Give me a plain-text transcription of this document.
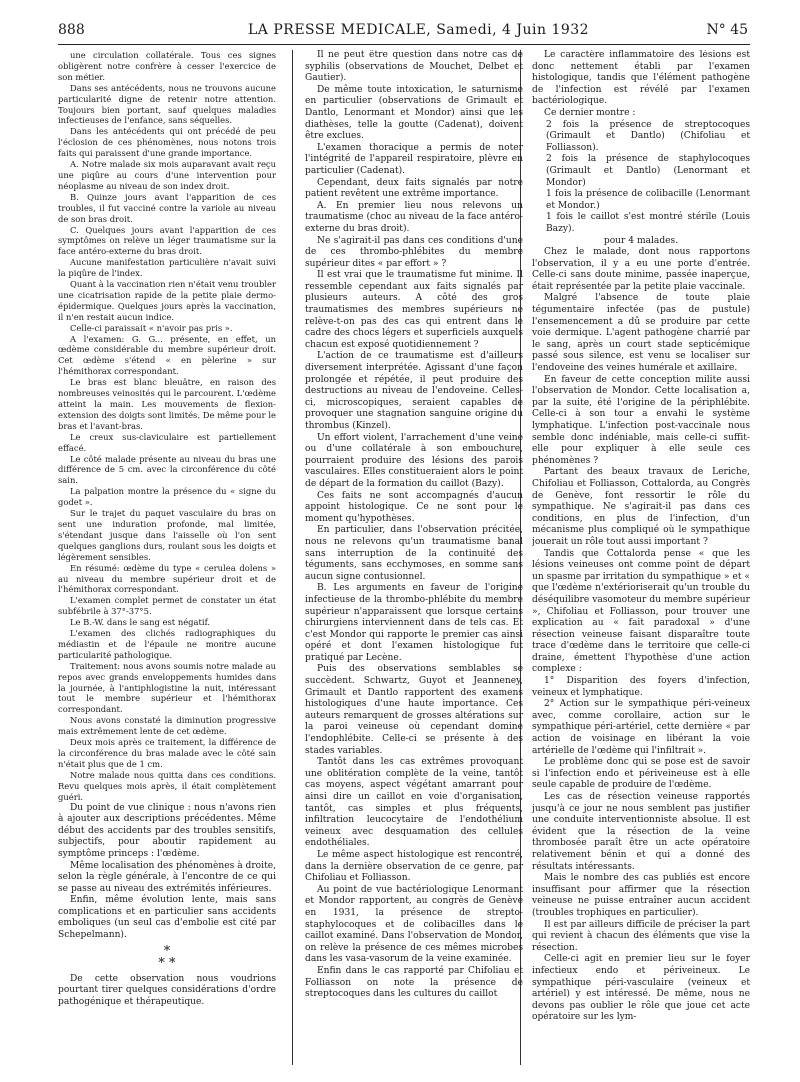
888	LA PRESSE MEDICALE, Samedi, 4 Juin 1932	N° 45

une circulation collatérale. Tous ces signes obligèrent notre confrère à cesser l'exercice de son métier.

Dans ses antécédents, nous ne trouvons aucune particularité digne de retenir notre attention. Toujours bien portant, sauf quelques maladies infectieuses de l'enfance, sans séquelles.

Dans les antécédents qui ont précédé de peu l'éclosion de ces phénomènes, nous notons trois faits qui paraissent d'une grande importance.

A. Notre malade six mois auparavant avait reçu une piqûre au cours d'une intervention pour néoplasme au niveau de son index droit.

B. Quinze jours avant l'apparition de ces troubles, il fut vacciné contre la variole au niveau de son bras droit.

C. Quelques jours avant l'apparition de ces symptômes on relève un léger traumatisme sur la face antéro-externe du bras droit.

Aucune manifestation particulière n'avait suivi la piqûre de l'index.

Quant à la vaccination rien n'était venu troubler une cicatrisation rapide de la petite plaie dermo-épidermique. Quelques jours après la vaccination, il n'en restait aucun indice.

Celle-ci paraissait « n'avoir pas pris ».

A l'examen: G. G... présente, en effet, un œdème considérable du membre supérieur droit. Cet œdème s'étend « en pèlerine » sur l'hémithorax correspondant.

Le bras est blanc bleuâtre, en raison des nombreuses veinosités qui le parcourent. L'œdème atteint la main. Les mouvements de flexion-extension des doigts sont limités. De même pour le bras et l'avant-bras.

Le creux sus-claviculaire est partiellement effacé.

Le côté malade présente au niveau du bras une différence de 5 cm. avec la circonférence du côté sain.

La palpation montre la présence du « signe du godet ».

Sur le trajet du paquet vasculaire du bras on sent une induration profonde, mal limitée, s'étendant jusque dans l'aisselle où l'on sent quelques ganglions durs, roulant sous les doigts et légèrement sensibles.

En résumé: œdème du type « cerulea dolens » au niveau du membre supérieur droit et de l'hémithorax correspondant.

L'examen complet permet de constater un état subfébrile à 37°-37°5.

Le B.-W. dans le sang est négatif.

L'examen des clichés radiographiques du médiastin et de l'épaule ne montre aucune particularité pathologique.

Traitement: nous avons soumis notre malade au repos avec grands enveloppements humides dans la journée, à l'antiphlogistine la nuit, intéressant tout le membre supérieur et l'hémithorax correspondant.

Nous avons constaté la diminution progressive mais extrêmement lente de cet œdème.

Deux mois après ce traitement, la différence de la circonférence du bras malade avec le côté sain n'était plus que de 1 cm.

Notre malade nous quitta dans ces conditions. Revu quelques mois après, il était complètement guéri.

Du point de vue clinique : nous n'avons rien à ajouter aux descriptions précédentes. Même début des accidents par des troubles sensitifs, subjectifs, pour aboutir rapidement au symptôme princeps : l'œdème.

Même localisation des phénomènes à droite, selon la règle générale, à l'encontre de ce qui se passe au niveau des extrémités inférieures.

Enfin, même évolution lente, mais sans complications et en particulier sans accidents emboliques (un seul cas d'embolie est cité par Schepelmann).

*
* *

De cette observation nous voudrions pourtant tirer quelques considérations d'ordre pathogénique et thérapeutique.

Il ne peut être question dans notre cas de syphilis (observations de Mouchet, Delbet et Gautier).

De même toute intoxication, le saturnisme en particulier (observations de Grimault et Dantlo, Lenormant et Mondor) ainsi que les diathèses, telle la goutte (Cadenat), doivent être exclues.

L'examen thoracique a permis de noter l'intégrité de l'appareil respiratoire, plèvre en particulier (Cadenat).

Cependant, deux faits signalés par notre patient revêtent une extrême importance.

A. En premier lieu nous relevons un traumatisme (choc au niveau de la face antéro-externe du bras droit).

Ne s'agirait-il pas dans ces conditions d'une de ces thrombo-phlébites du membre supérieur dites « par effort » ?

Il est vrai que le traumatisme fut minime. Il ressemble cependant aux faits signalés par plusieurs auteurs. A côté des gros traumatismes des membres supérieurs ne relève-t-on pas des cas qui entrent dans le cadre des chocs légers et superficiels auxquels chacun est exposé quotidiennement ?

L'action de ce traumatisme est d'ailleurs diversement interprétée. Agissant d'une façon prolongée et répétée, il peut produire des destructions au niveau de l'endoveine. Celles-ci, microscopiques, seraient capables de provoquer une stagnation sanguine origine du thrombus (Kinzel).

Un effort violent, l'arrachement d'une veine ou d'une collatérale à son embouchure, pourraient produire des lésions des parois vasculaires. Elles constitueraient alors le point de départ de la formation du caillot (Bazy).

Ces faits ne sont accompagnés d'aucun appoint histologique. Ce ne sont pour le moment qu'hypothèses.

En particulier, dans l'observation précitée, nous ne relevons qu'un traumatisme banal sans interruption de la continuité des téguments, sans ecchymoses, en somme sans aucun signe contusionnel.

B. Les arguments en faveur de l'origine infectieuse de la thrombo-phlébite du membre supérieur n'apparaissent que lorsque certains chirurgiens interviennent dans de tels cas. Et c'est Mondor qui rapporte le premier cas ainsi opéré et dont l'examen histologique fut pratiqué par Lecène.

Puis des observations semblables se succèdent. Schwartz, Guyot et Jeanneney, Grimault et Dantlo rapportent des examens histologiques d'une haute importance. Ces auteurs remarquent de grosses altérations sur la paroi veineuse où cependant domine l'endophlébite. Celle-ci se présente à des stades variables.

Tantôt dans les cas extrêmes provoquant une oblitération complète de la veine, tantôt cas moyens, aspect végétant amarrant pour ainsi dire un caillot en voie d'organisation, tantôt, cas simples et plus fréquents, infiltration leucocytaire de l'endothélium veineux avec desquamation des cellules endothéliales.

Le même aspect histologique est rencontré, dans la dernière observation de ce genre, par Chifoliau et Folliasson.

Au point de vue bactériologique Lenormant et Mondor rapportent, au congrès de Genève en 1931, la présence de strepto-staphylocoques et de colibacilles dans le caillot examiné. Dans l'observation de Mondor, on relève la présence de ces mêmes microbes dans les vasa-vasorum de la veine examinée.

Enfin dans le cas rapporté par Chifoliau et Folliasson on note la présence de streptocoques dans les cultures du caillot

Le caractère inflammatoire des lésions est donc nettement établi par l'examen histologique, tandis que l'élément pathogène de l'infection est révélé par l'examen bactériologique.

Ce dernier montre :

2 fois la présence de streptocoques (Grimault et Dantlo) (Chifoliau et Folliasson).

2 fois la présence de staphylocoques (Grimault et Dantlo) (Lenormant et Mondor)

1 fois la présence de colibacille (Lenormant et Mondor.)

1 fois le caillot s'est montré stérile (Louis Bazy).

pour 4 malades.

Chez le malade, dont nous rapportons l'observation, il y a eu une porte d'entrée. Celle-ci sans doute minime, passée inaperçue, était représentée par la petite plaie vaccinale.

Malgré l'absence de toute plaie tégumentaire infectée (pas de pustule) l'ensemencement a dû se produire par cette voie dermique. L'agent pathogène charrié par le sang, après un court stade septicémique passé sous silence, est venu se localiser sur l'endoveine des veines humérale et axillaire.

En faveur de cette conception milite aussi l'observation de Mondor. Cette localisation a, par la suite, été l'origine de la périphlébite. Celle-ci à son tour a envahi le système lymphatique. L'infection post-vaccinale nous semble donc indéniable, mais celle-ci suffit-elle pour expliquer à elle seule ces phénomènes ?

Partant des beaux travaux de Leriche, Chifoliau et Folliasson, Cottalorda, au Congrès de Genève, font ressortir le rôle du sympathique. Ne s'agirait-il pas dans ces conditions, en plus de l'infection, d'un mécanisme plus compliqué où le sympathique jouerait un rôle tout aussi important ?

Tandis que Cottalorda pense « que les lésions veineuses ont comme point de départ un spasme par irritation du sympathique » et « que l'œdème n'extérioriserait qu'un trouble du déséquilibre vasomoteur du membre supérieur », Chifoliau et Folliasson, pour trouver une explication au « fait paradoxal » d'une résection veineuse faisant disparaître toute trace d'œdème dans le territoire que celle-ci draine, émettent l'hypothèse d'une action complexe :

1° Disparition des foyers d'infection, veineux et lymphatique.

2° Action sur le sympathique péri-veineux avec, comme corollaire, action sur le sympathique péri-artériel, cette dernière « par action de voisinage en libérant la voie artérielle de l'œdème qui l'infiltrait ».

Le problème donc qui se pose est de savoir si l'infection endo et périveineuse est à elle seule capable de produire de l'œdème.

Les cas de résection veineuse rapportés jusqu'à ce jour ne nous semblent pas justifier une conduite interventionniste absolue. Il est évident que la résection de la veine thrombosée paraît être un acte opératoire relativement bénin et qui a donné des résultats intéressants.

Mais le nombre des cas publiés est encore insuffisant pour affirmer que la résection veineuse ne puisse entraîner aucun accident (troubles trophiques en particulier).

Il est par ailleurs difficile de préciser la part qui revient à chacun des éléments que vise la résection.

Celle-ci agit en premier lieu sur le foyer infectieux endo et périveineux. Le sympathique péri-vasculaire (veineux et artériel) y est intéressé. De même, nous ne devons pas oublier le rôle que joue cet acte opératoire sur les lym-
